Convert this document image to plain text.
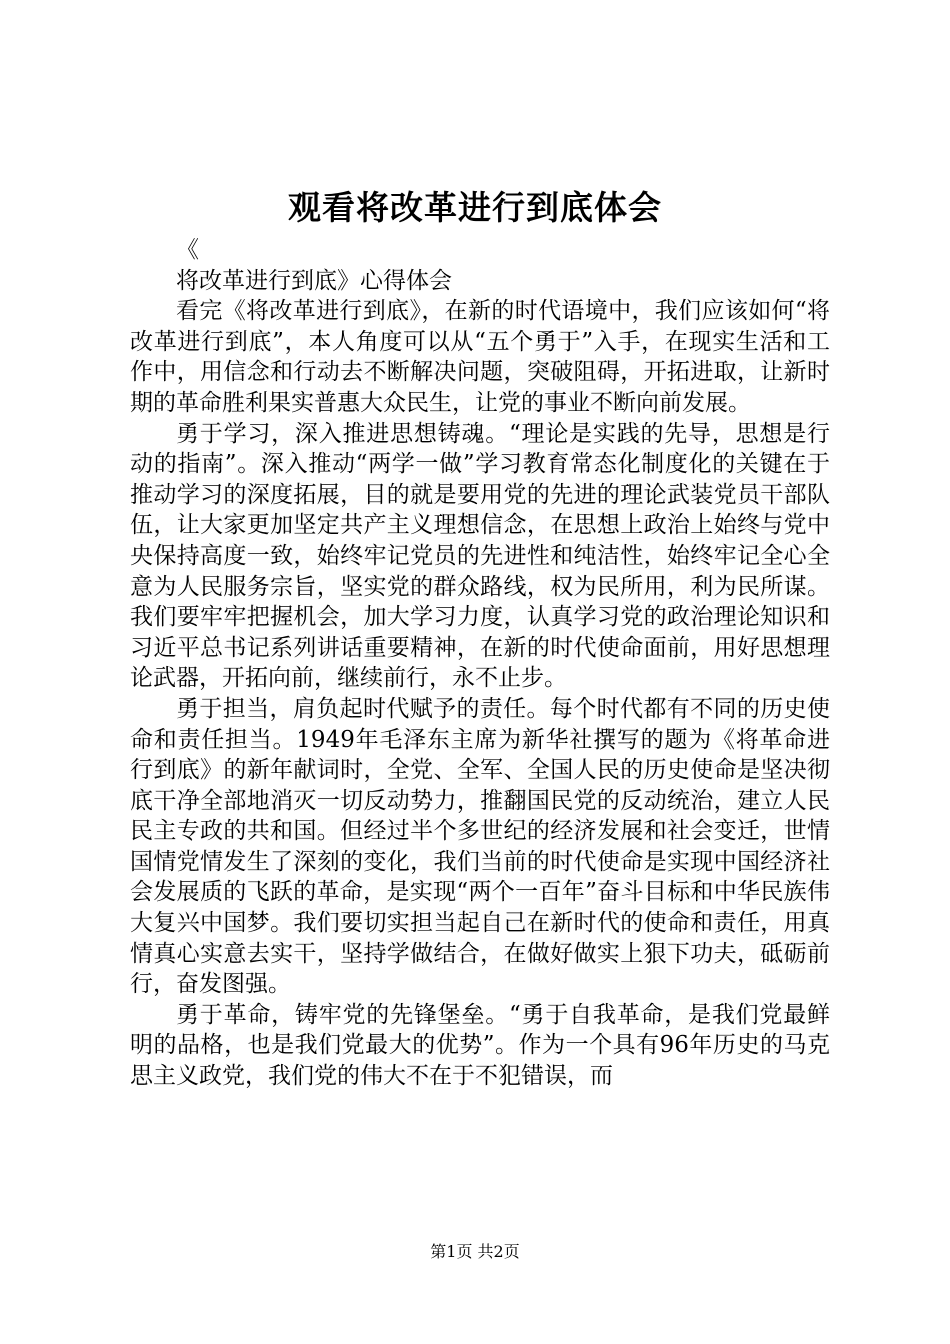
观看将改革进行到底体会

《

将改革进行到底》心得体会

看完《将改革进行到底》，在新的时代语境中，我们应该如何“将改革进行到底”，本人角度可以从“五个勇于”入手，在现实生活和工作中，用信念和行动去不断解决问题，突破阻碍，开拓进取，让新时期的革命胜利果实普惠大众民生，让党的事业不断向前发展。

勇于学习，深入推进思想铸魂。“理论是实践的先导，思想是行动的指南”。深入推动“两学一做”学习教育常态化制度化的关键在于推动学习的深度拓展，目的就是要用党的先进的理论武装党员干部队伍，让大家更加坚定共产主义理想信念，在思想上政治上始终与党中央保持高度一致，始终牢记党员的先进性和纯洁性，始终牢记全心全意为人民服务宗旨，坚实党的群众路线，权为民所用，利为民所谋。我们要牢牢把握机会，加大学习力度，认真学习党的政治理论知识和习近平总书记系列讲话重要精神，在新的时代使命面前，用好思想理论武器，开拓向前，继续前行，永不止步。

勇于担当，肩负起时代赋予的责任。每个时代都有不同的历史使命和责任担当。1949年毛泽东主席为新华社撰写的题为《将革命进行到底》的新年献词时，全党、全军、全国人民的历史使命是坚决彻底干净全部地消灭一切反动势力，推翻国民党的反动统治，建立人民民主专政的共和国。但经过半个多世纪的经济发展和社会变迁，世情国情党情发生了深刻的变化，我们当前的时代使命是实现中国经济社会发展质的飞跃的革命，是实现“两个一百年”奋斗目标和中华民族伟大复兴中国梦。我们要切实担当起自己在新时代的使命和责任，用真情真心实意去实干，坚持学做结合，在做好做实上狠下功夫，砥砺前行，奋发图强。

勇于革命，铸牢党的先锋堡垒。“勇于自我革命，是我们党最鲜明的品格，也是我们党最大的优势”。作为一个具有96年历史的马克思主义政党，我们党的伟大不在于不犯错误，而

第1页 共2页
